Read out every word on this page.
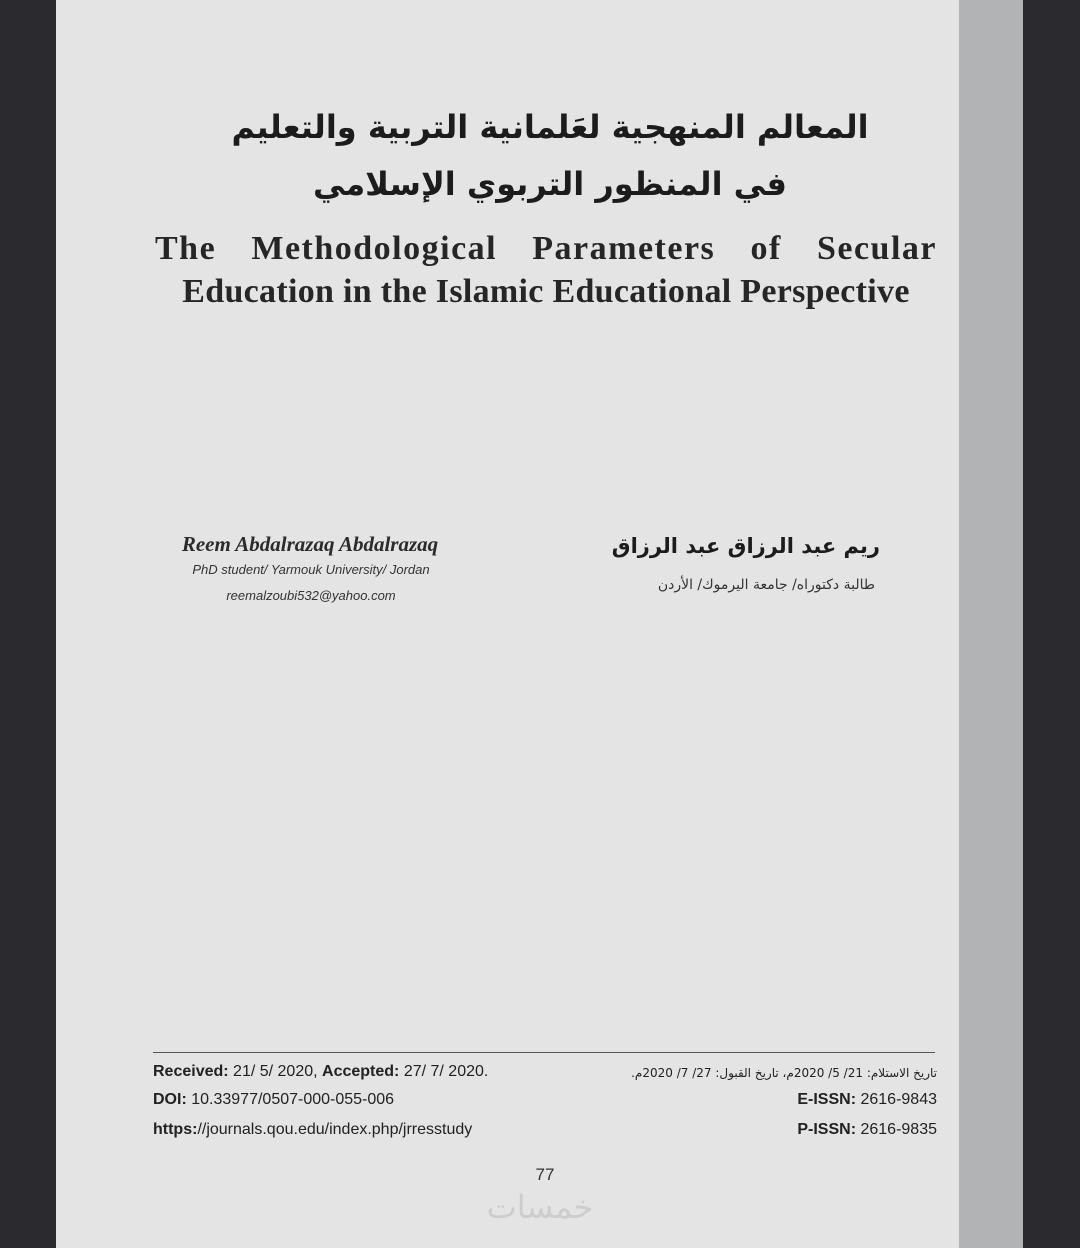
المعالم المنهجية لعَلمانية التربية والتعليم
في المنظور التربوي الإسلامي
The Methodological Parameters of Secular
Education in the Islamic Educational Perspective
Reem Abdalrazaq Abdalrazaq
PhD student/ Yarmouk University/ Jordan
reemalzoubi532@yahoo.com
ريم عبد الرزاق عبد الرزاق
طالبة دكتوراه/ جامعة اليرموك/ الأردن
Received: 21/ 5/ 2020, Accepted: 27/ 7/ 2020.
DOI: 10.33977/0507-000-055-006
https://journals.qou.edu/index.php/jrresstudy
تاريخ الاستلام: 21/ 5/ 2020م، تاريخ القبول: 27/ 7/ 2020م.
E-ISSN: 2616-9843
P-ISSN: 2616-9835
77
خمسات
